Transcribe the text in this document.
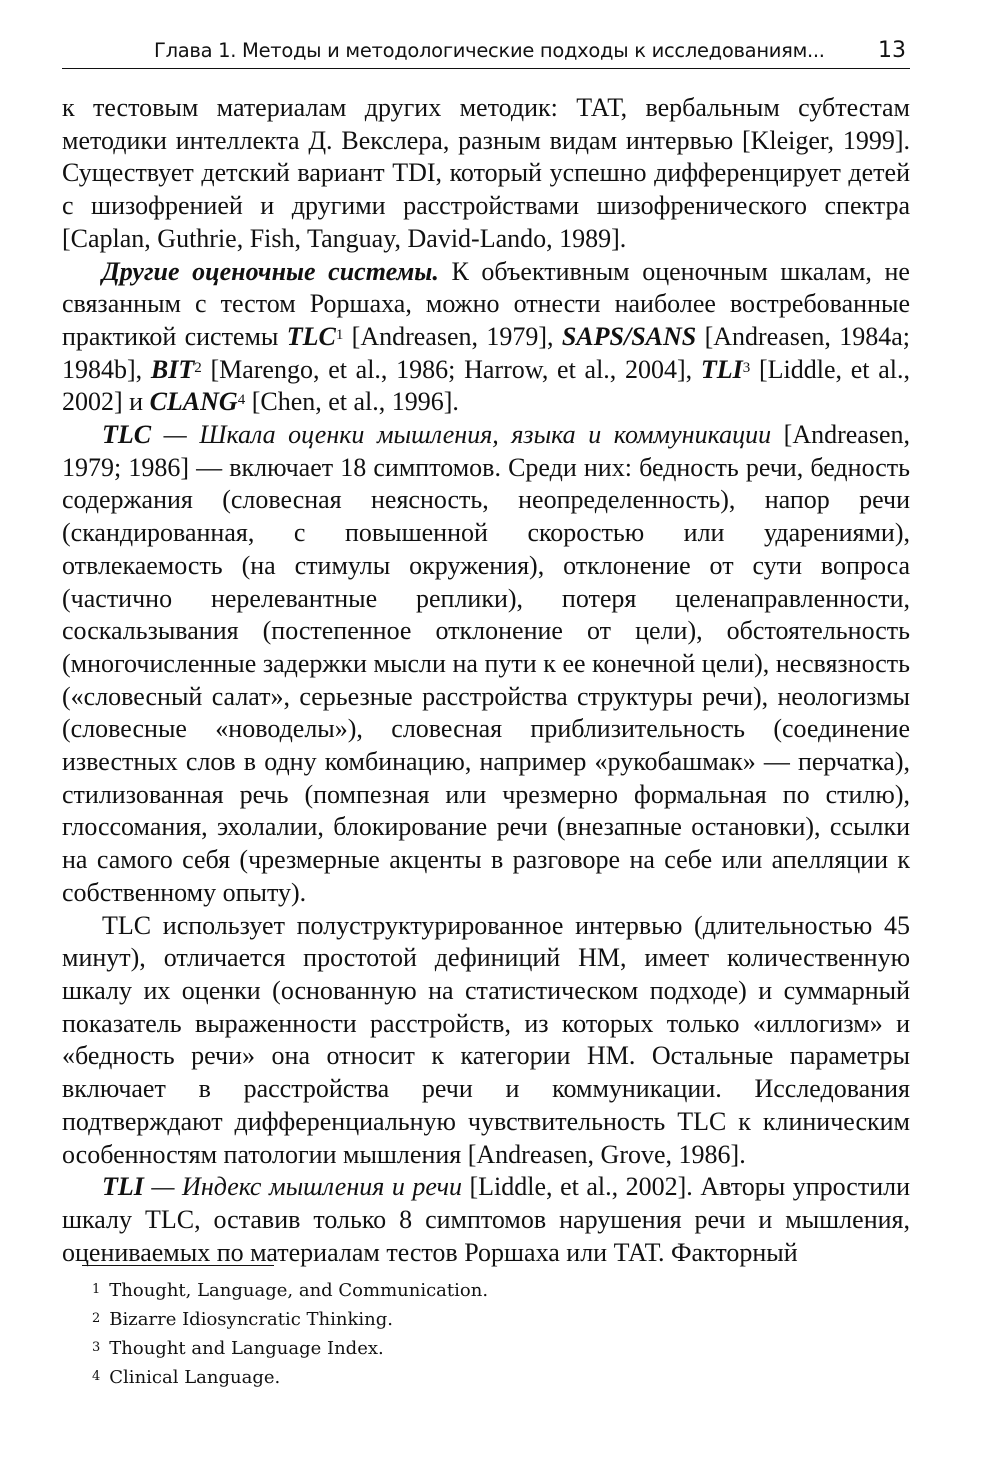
Глава 1. Методы и методологические подходы к исследованиям... 13

к тестовым материалам других методик: ТАТ, вербальным субтестам методики интеллекта Д. Векслера, разным видам интервью [Kleiger, 1999]. Существует детский вариант TDI, который успешно дифференцирует детей с шизофренией и другими расстройствами шизофренического спектра [Caplan, Guthrie, Fish, Tanguay, David-Lando, 1989].

Другие оценочные системы. К объективным оценочным шкалам, не связанным с тестом Роршаха, можно отнести наиболее востребованные практикой системы TLC$^1$ [Andreasen, 1979], SAPS/SANS [Andreasen, 1984a; 1984b], BIT$^2$ [Marengo, et al., 1986; Harrow, et al., 2004], TLI$^3$ [Liddle, et al., 2002] и CLANG$^4$ [Chen, et al., 1996].

TLC — Шкала оценки мышления, языка и коммуникации [Andreasen, 1979; 1986] — включает 18 симптомов. Среди них: бедность речи, бедность содержания (словесная неясность, неопределенность), напор речи (скандированная, с повышенной скоростью или ударениями), отвлекаемость (на стимулы окружения), отклонение от сути вопроса (частично нерелевантные реплики), потеря целенаправленности, соскальзывания (постепенное отклонение от цели), обстоятельность (многочисленные задержки мысли на пути к ее конечной цели), несвязность («словесный салат», серьезные расстройства структуры речи), неологизмы (словесные «новоделы»), словесная приблизительность (соединение известных слов в одну комбинацию, например «рукобашмак» — перчатка), стилизованная речь (помпезная или чрезмерно формальная по стилю), глоссомания, эхолалии, блокирование речи (внезапные остановки), ссылки на самого себя (чрезмерные акценты в разговоре на себе или апелляции к собственному опыту).

TLC использует полуструктурированное интервью (длительностью 45 минут), отличается простотой дефиниций НМ, имеет количественную шкалу их оценки (основанную на статистическом подходе) и суммарный показатель выраженности расстройств, из которых только «иллогизм» и «бедность речи» она относит к категории НМ. Остальные параметры включает в расстройства речи и коммуникации. Исследования подтверждают дифференциальную чувствительность TLC к клиническим особенностям патологии мышления [Andreasen, Grove, 1986].

TLI — Индекс мышления и речи [Liddle, et al., 2002]. Авторы упростили шкалу TLC, оставив только 8 симптомов нарушения речи и мышления, оцениваемых по материалам тестов Роршаха или ТАТ. Факторный

$^1$ Thought, Language, and Communication.
$^2$ Bizarre Idiosyncratic Thinking.
$^3$ Thought and Language Index.
$^4$ Clinical Language.
